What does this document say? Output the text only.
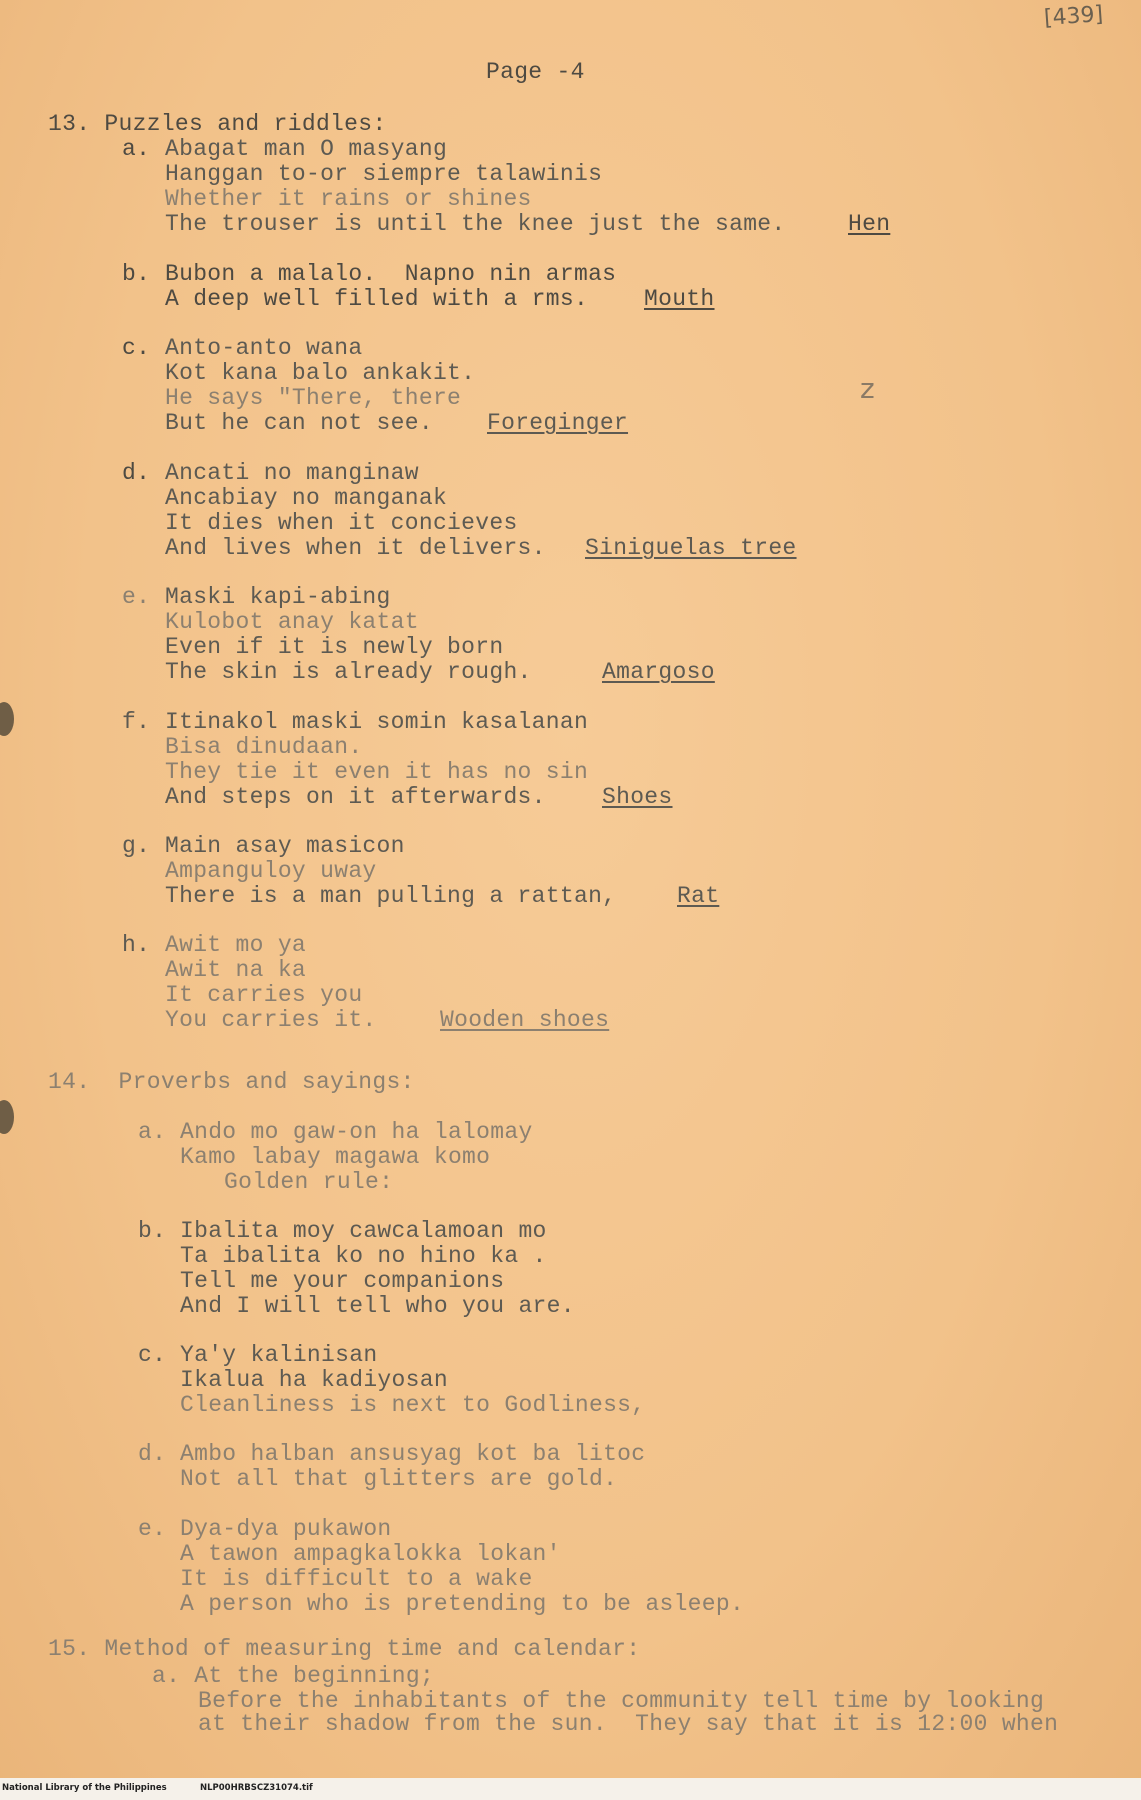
[439]
Page -4
13. Puzzles and riddles:
a. Abagat man O masyang
Hanggan to-or siempre talawinis
Whether it rains or shines
The trouser is until the knee just the same.	Hen
b. Bubon a malalo.  Napno nin armas
A deep well filled with a rms. Mouth
c. Anto-anto wana
Kot kana balo ankakit.
He says "There, there
But he can not see. Foreginger
d. Ancati no manginaw
Ancabiay no manganak
It dies when it concieves
And lives when it delivers. Siniguelas tree
e. Maski kapi-abing
Kulobot anay katat
Even if it is newly born
The skin is already rough.	Amargoso
f. Itinakol maski somin kasalanan
Bisa dinudaan.
They tie it even it has no sin
And steps on it afterwards. Shoes
g. Main asay masicon
Ampanguloy uway
There is a man pulling a rattan,	Rat
h. Awit mo ya
Awit na ka
It carries you
You carries it.	Wooden shoes
14.  Proverbs and sayings:
a. Ando mo gaw-on ha lalomay
Kamo labay magawa komo
Golden rule:
b. Ibalita moy cawcalamoan mo
Ta ibalita ko no hino ka .
Tell me your companions
And I will tell who you are.
c. Ya'y kalinisan
Ikalua ha kadiyosan
Cleanliness is next to Godliness,
d. Ambo halban ansusyag kot ba litoc
Not all that glitters are gold.
e. Dya-dya pukawon
A tawon ampagkalokka lokan'
It is difficult to a wake
A person who is pretending to be asleep.
15. Method of measuring time and calendar:
a. At the beginning;
Before the inhabitants of the community tell time by looking
at their shadow from the sun.  They say that it is 12:00 when
z
National Library of the Philippines	NLP00HRBSCZ31074.tif
